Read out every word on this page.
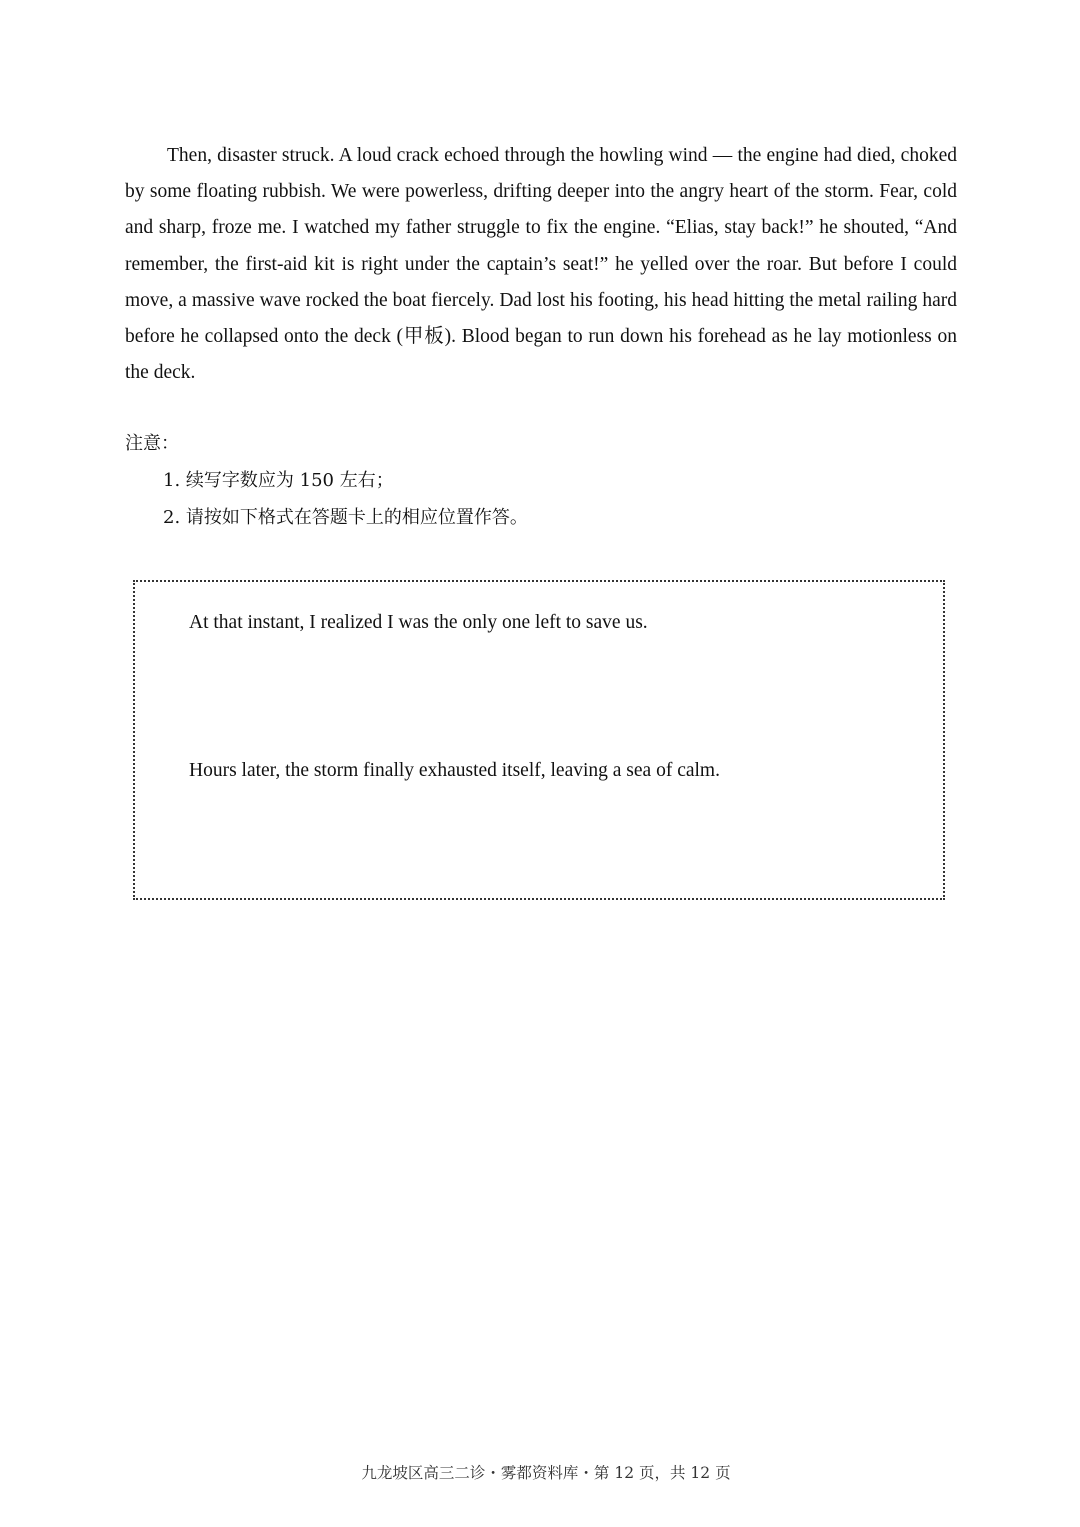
Then, disaster struck. A loud crack echoed through the howling wind — the engine had died, choked by some floating rubbish. We were powerless, drifting deeper into the angry heart of the storm. Fear, cold and sharp, froze me. I watched my father struggle to fix the engine. “Elias, stay back!” he shouted, “And remember, the first-aid kit is right under the captain’s seat!” he yelled over the roar. But before I could move, a massive wave rocked the boat fiercely. Dad lost his footing, his head hitting the metal railing hard before he collapsed onto the deck (甲板). Blood began to run down his forehead as he lay motionless on the deck.

注意：
1. 续写字数应为 150 左右；
2. 请按如下格式在答题卡上的相应位置作答。

At that instant, I realized I was the only one left to save us.

Hours later, the storm finally exhausted itself, leaving a sea of calm.

九龙坡区高三二诊・雾都资料库・第 12 页，共 12 页
